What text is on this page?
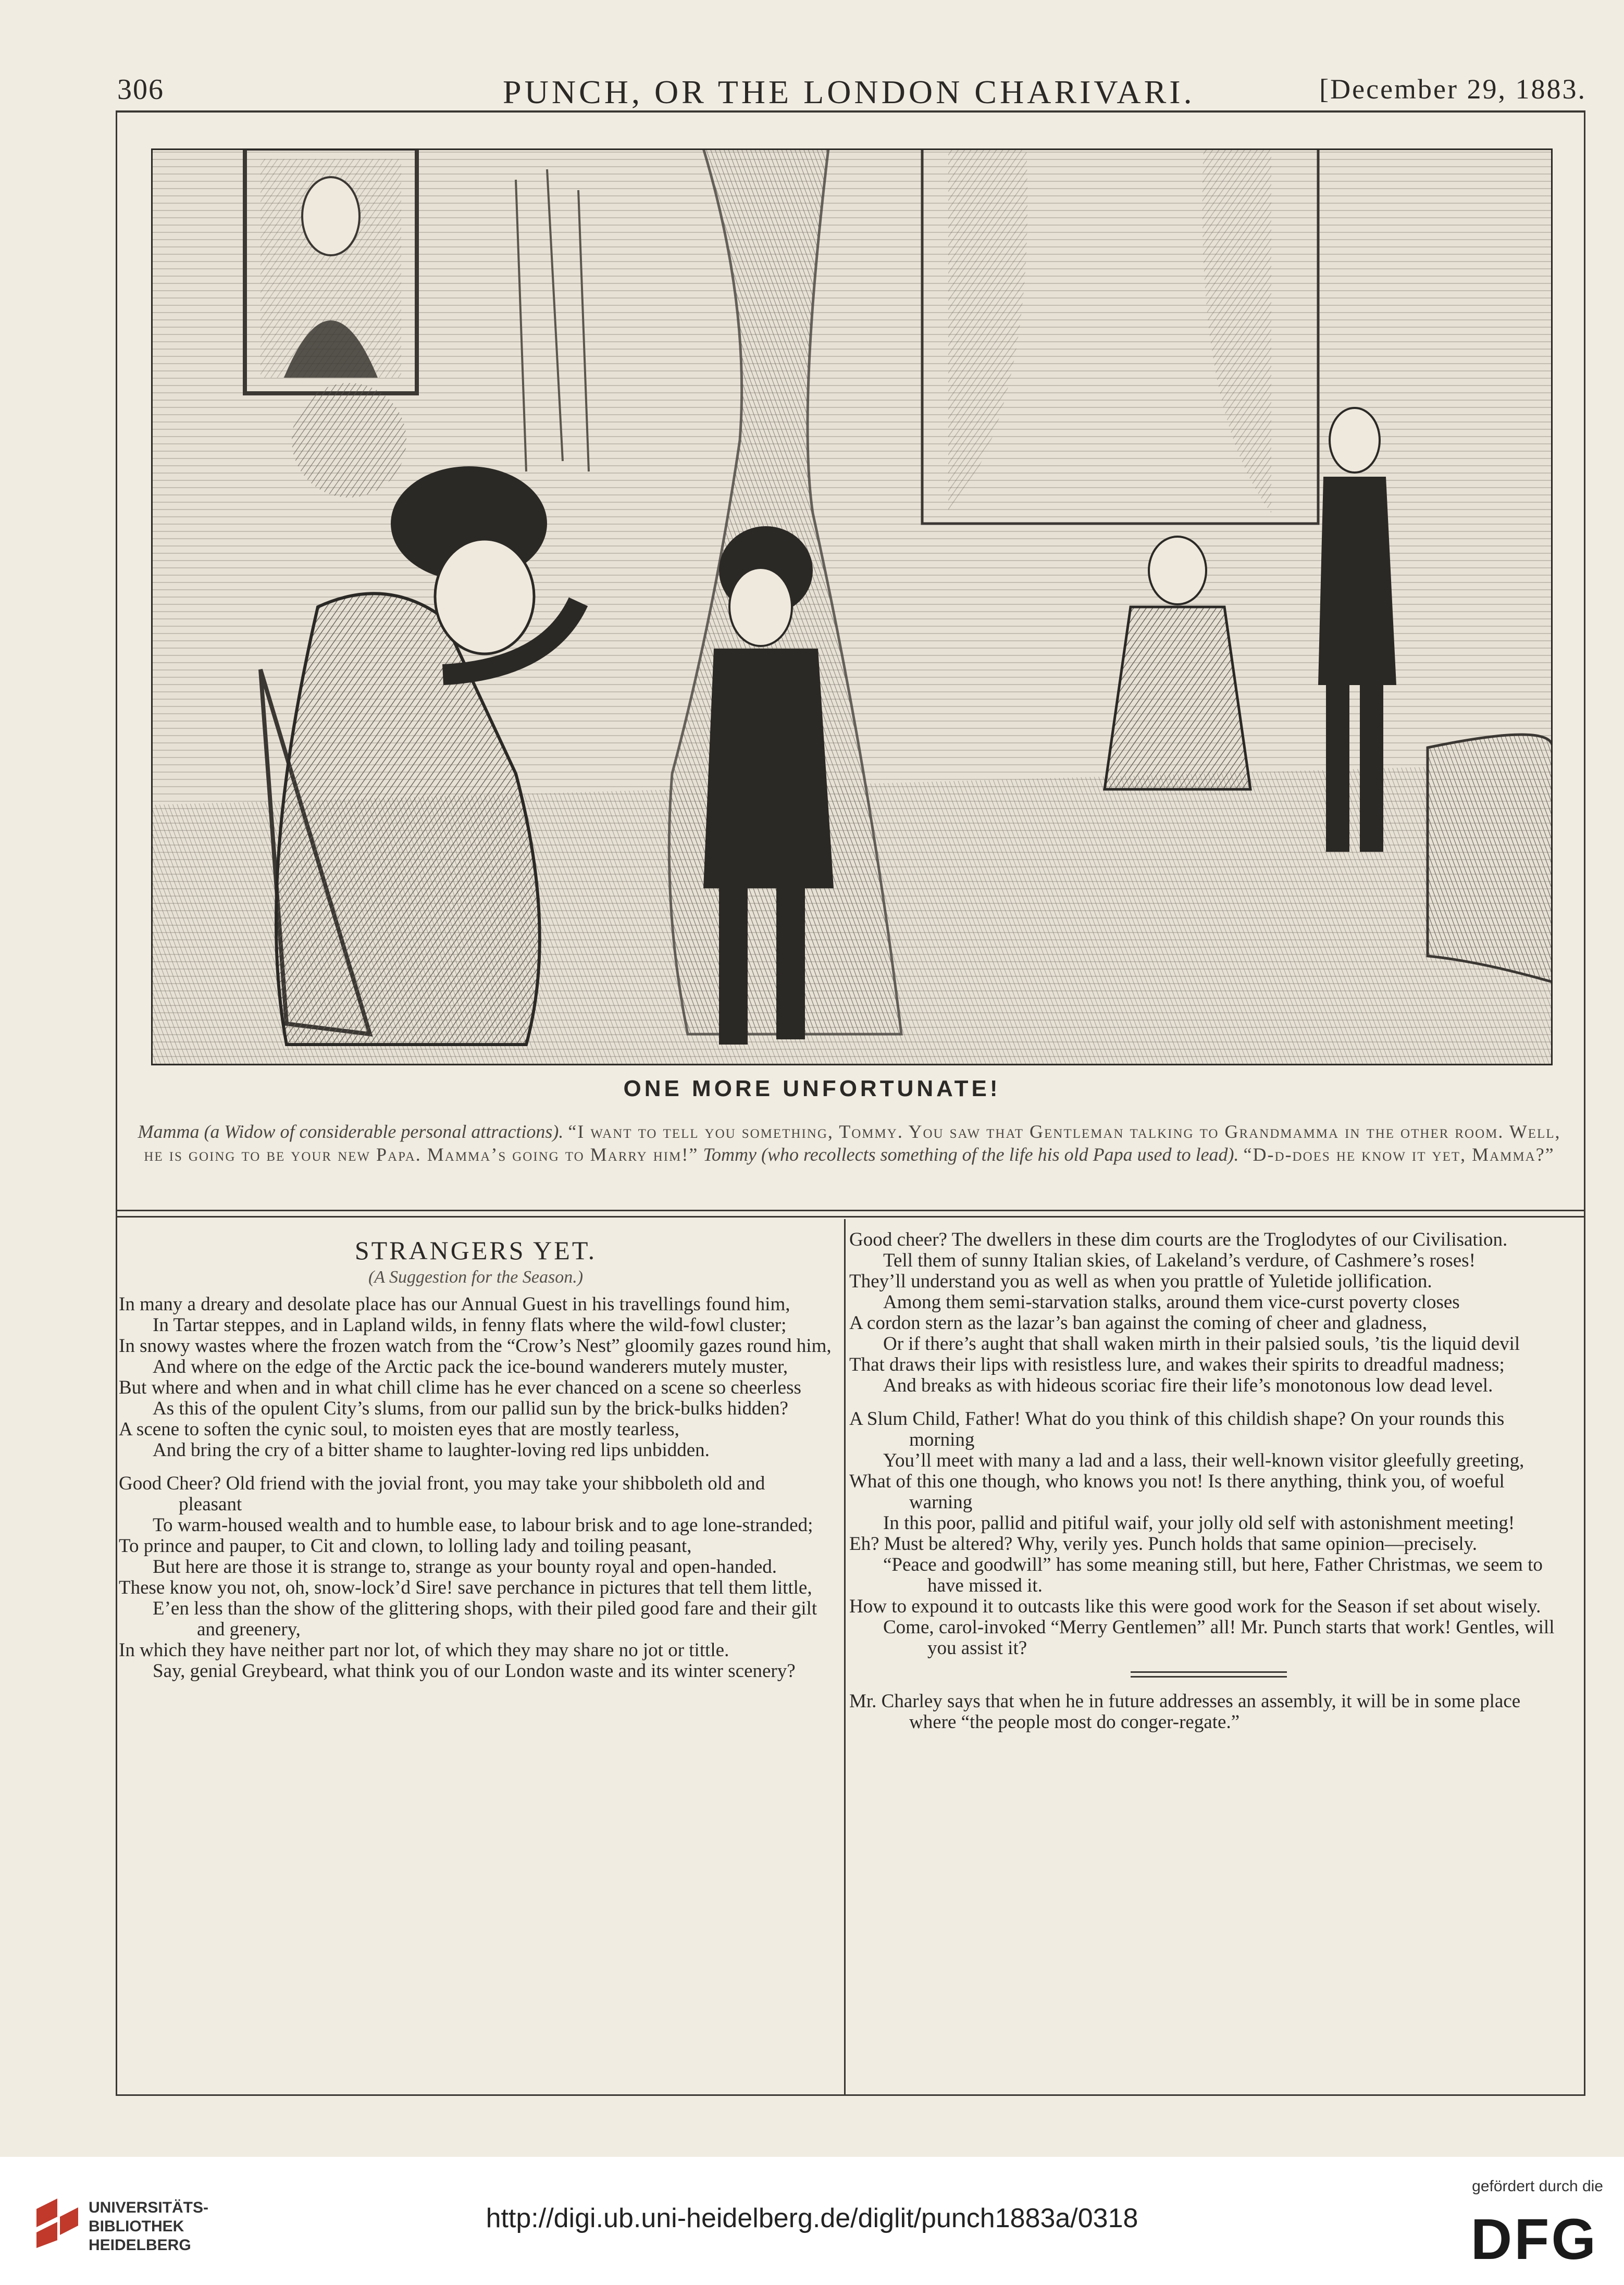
306	PUNCH, OR THE LONDON CHARIVARI.	[December 29, 1883.
ONE MORE UNFORTUNATE!
Mamma (a Widow of considerable personal attractions). “I want to tell you something, Tommy. You saw that Gentleman talking to Grandmamma in the other room. Well, he is going to be your new Papa. Mamma’s going to Marry him!” Tommy (who recollects something of the life his old Papa used to lead). “D-d-does he know it yet, Mamma?”
STRANGERS YET.
(A Suggestion for the Season.)

In many a dreary and desolate place has our Annual Guest in his travellings found him,

In Tartar steppes, and in Lapland wilds, in fenny flats where the wild-fowl cluster;

In snowy wastes where the frozen watch from the “Crow’s Nest” gloomily gazes round him,

And where on the edge of the Arctic pack the ice-bound wanderers mutely muster,

But where and when and in what chill clime has he ever chanced on a scene so cheerless

As this of the opulent City’s slums, from our pallid sun by the brick-bulks hidden?

A scene to soften the cynic soul, to moisten eyes that are mostly tearless,

And bring the cry of a bitter shame to laughter-loving red lips unbidden.

Good Cheer? Old friend with the jovial front, you may take your shibboleth old and pleasant

To warm-housed wealth and to humble ease, to labour brisk and to age lone-stranded;

To prince and pauper, to Cit and clown, to lolling lady and toiling peasant,

But here are those it is strange to, strange as your bounty royal and open-handed.

These know you not, oh, snow-lock’d Sire! save perchance in pictures that tell them little,

E’en less than the show of the glittering shops, with their piled good fare and their gilt and greenery,

In which they have neither part nor lot, of which they may share no jot or tittle.

Say, genial Greybeard, what think you of our London waste and its winter scenery?

Good cheer? The dwellers in these dim courts are the Troglodytes of our Civilisation.

Tell them of sunny Italian skies, of Lakeland’s verdure, of Cashmere’s roses!

They’ll understand you as well as when you prattle of Yuletide jollification.

Among them semi-starvation stalks, around them vice-curst poverty closes

A cordon stern as the lazar’s ban against the coming of cheer and gladness,

Or if there’s aught that shall waken mirth in their palsied souls, ’tis the liquid devil

That draws their lips with resistless lure, and wakes their spirits to dreadful madness;

And breaks as with hideous scoriac fire their life’s monotonous low dead level.

A Slum Child, Father! What do you think of this childish shape? On your rounds this morning

You’ll meet with many a lad and a lass, their well-known visitor gleefully greeting,

What of this one though, who knows you not! Is there anything, think you, of woeful warning

In this poor, pallid and pitiful waif, your jolly old self with astonishment meeting!

Eh? Must be altered? Why, verily yes. Punch holds that same opinion—precisely.

“Peace and goodwill” has some meaning still, but here, Father Christmas, we seem to have missed it.

How to expound it to outcasts like this were good work for the Season if set about wisely.

Come, carol-invoked “Merry Gentlemen” all! Mr. Punch starts that work! Gentles, will you assist it?

Mr. Charley says that when he in future addresses an assembly, it will be in some place where “the people most do conger-regate.”

UNIVERSITÄTS-
BIBLIOTHEK
HEIDELBERG
http://digi.ub.uni-heidelberg.de/diglit/punch1883a/0318
gefördert durch die
DFG
